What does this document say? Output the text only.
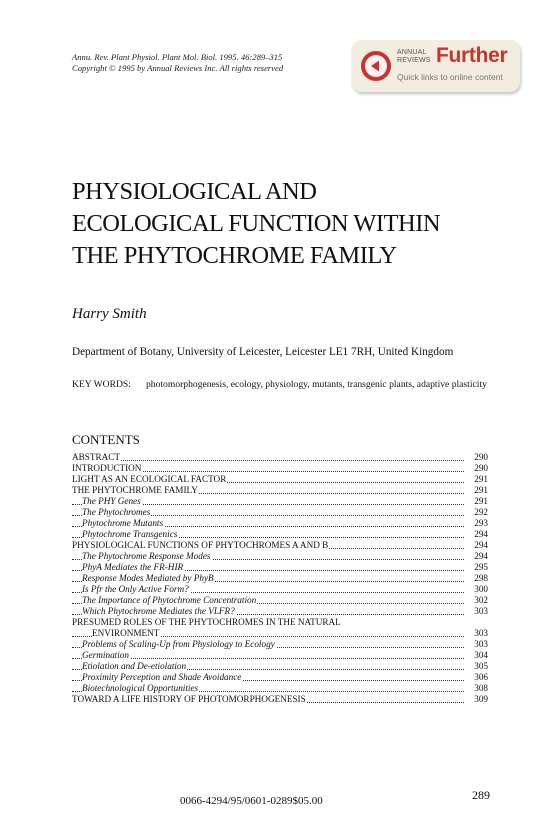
Annu. Rev. Plant Physiol. Plant Mol. Biol. 1995. 46:289–315
Copyright © 1995 by Annual Reviews Inc. All rights reserved
ANNUAL
REVIEWS Further
Quick links to online content
PHYSIOLOGICAL AND
ECOLOGICAL FUNCTION WITHIN
THE PHYTOCHROME FAMILY
Harry Smith
Department of Botany, University of Leicester, Leicester LE1 7RH, United Kingdom
KEY WORDS: photomorphogenesis, ecology, physiology, mutants, transgenic plants, adaptive plasticity
CONTENTS
ABSTRACT	290
INTRODUCTION	290
LIGHT AS AN ECOLOGICAL FACTOR	291
THE PHYTOCHROME FAMILY	291
The PHY Genes	291
The Phytochromes	292
Phytochrome Mutants	293
Phytochrome Transgenics	294
PHYSIOLOGICAL FUNCTIONS OF PHYTOCHROMES A AND B	294
The Phytochrome Response Modes	294
PhyA Mediates the FR-HIR	295
Response Modes Mediated by PhyB	298
Is Pfr the Only Active Form?	300
The Importance of Phytochrome Concentration	302
Which Phytochrome Mediates the VLFR?	303
PRESUMED ROLES OF THE PHYTOCHROMES IN THE NATURAL
ENVIRONMENT	303
Problems of Scaling-Up from Physiology to Ecology	303
Germination	304
Etiolation and De-etiolation	305
Proximity Perception and Shade Avoidance	306
Biotechnological Opportunities	308
TOWARD A LIFE HISTORY OF PHOTOMORPHOGENESIS	309
0066-4294/95/0601-0289$05.00	289
